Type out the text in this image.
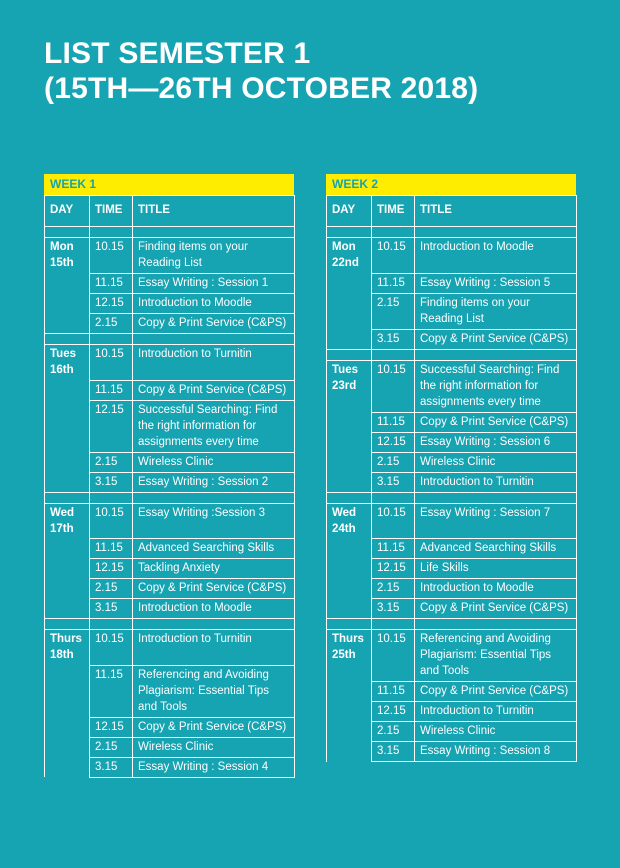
LIST SEMESTER 1
(15TH—26TH OCTOBER 2018)
WEEK 1
DAY	TIME	TITLE

Mon
15th	10.15	Finding items on your Reading List
	11.15	Essay Writing : Session 1
	12.15	Introduction to Moodle
	2.15	Copy & Print Service (C&PS)

Tues
16th	10.15	Introduction to Turnitin
	11.15	Copy & Print Service (C&PS)
	12.15	Successful Searching: Find the right information for assignments every time
	2.15	Wireless Clinic
	3.15	Essay Writing : Session 2

Wed
17th	10.15	Essay Writing :Session 3
	11.15	Advanced Searching Skills
	12.15	Tackling Anxiety
	2.15	Copy & Print Service (C&PS)
	3.15	Introduction to Moodle

Thurs
18th	10.15	Introduction to Turnitin
	11.15	Referencing and Avoiding Plagiarism: Essential Tips and Tools
	12.15	Copy & Print Service (C&PS)
	2.15	Wireless Clinic
	3.15	Essay Writing : Session 4
WEEK 2
DAY	TIME	TITLE

Mon
22nd	10.15	Introduction to Moodle
	11.15	Essay Writing : Session 5
	2.15	Finding items on your Reading List
	3.15	Copy & Print Service (C&PS)

Tues
23rd	10.15	Successful Searching: Find the right information for assignments every time
	11.15	Copy & Print Service (C&PS)
	12.15	Essay Writing : Session 6
	2.15	Wireless Clinic
	3.15	Introduction to Turnitin

Wed
24th	10.15	Essay Writing : Session 7
	11.15	Advanced Searching Skills
	12.15	Life Skills
	2.15	Introduction to Moodle
	3.15	Copy & Print Service (C&PS)

Thurs
25th	10.15	Referencing and Avoiding Plagiarism: Essential Tips and Tools
	11.15	Copy & Print Service (C&PS)
	12.15	Introduction to Turnitin
	2.15	Wireless Clinic
	3.15	Essay Writing : Session 8
